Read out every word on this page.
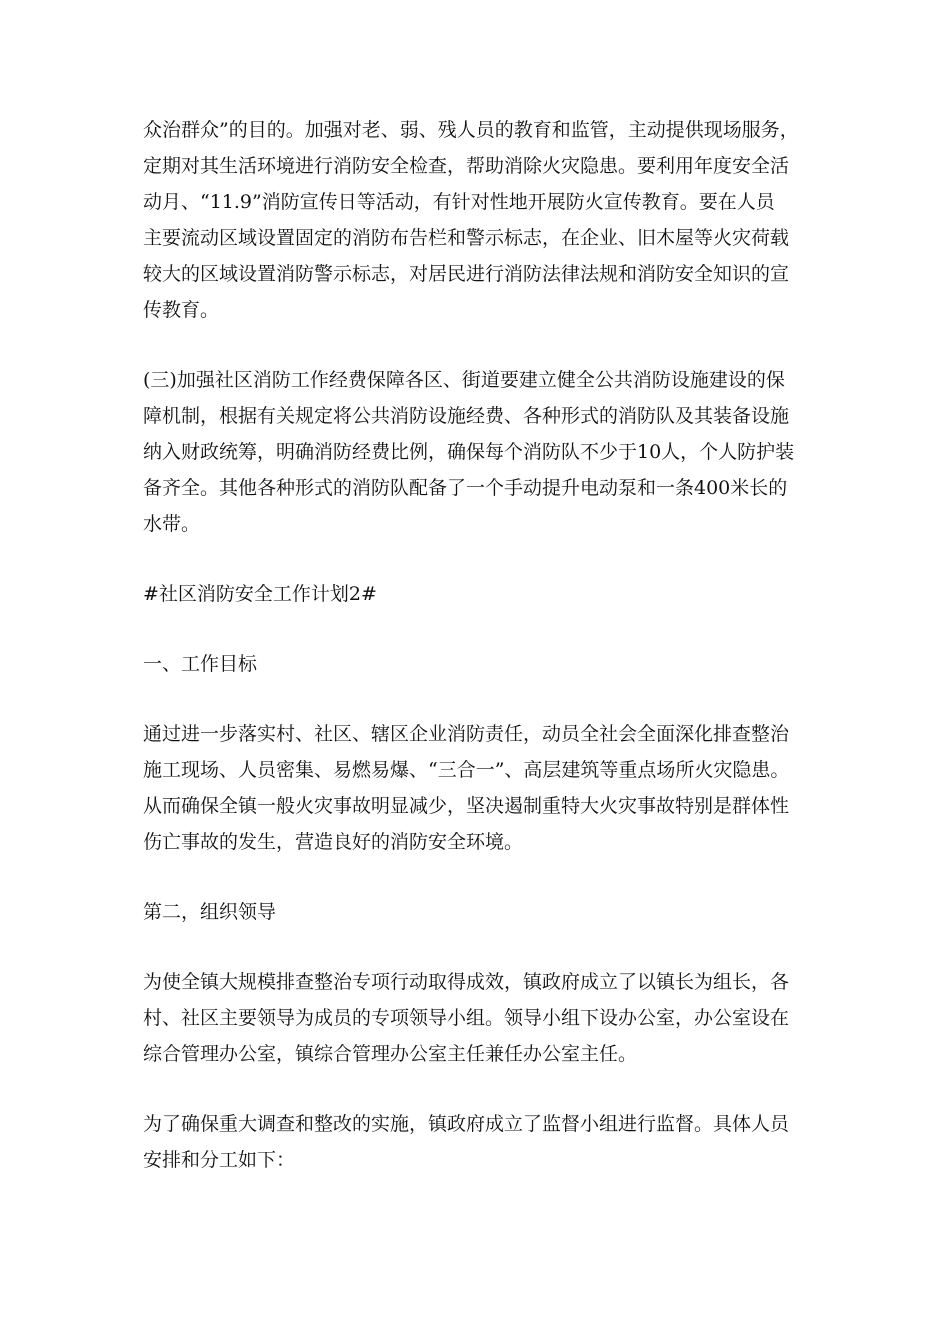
众治群众”的目的。加强对老、弱、残人员的教育和监管，主动提供现场服务，
定期对其生活环境进行消防安全检查，帮助消除火灾隐患。要利用年度安全活
动月、“11.9”消防宣传日等活动，有针对性地开展防火宣传教育。要在人员
主要流动区域设置固定的消防布告栏和警示标志，在企业、旧木屋等火灾荷载
较大的区域设置消防警示标志，对居民进行消防法律法规和消防安全知识的宣
传教育。

(三)加强社区消防工作经费保障各区、街道要建立健全公共消防设施建设的保
障机制，根据有关规定将公共消防设施经费、各种形式的消防队及其装备设施
纳入财政统筹，明确消防经费比例，确保每个消防队不少于10人，个人防护装
备齐全。其他各种形式的消防队配备了一个手动提升电动泵和一条400米长的
水带。

#社区消防安全工作计划2#

一、工作目标

通过进一步落实村、社区、辖区企业消防责任，动员全社会全面深化排查整治
施工现场、人员密集、易燃易爆、“三合一”、高层建筑等重点场所火灾隐患。
从而确保全镇一般火灾事故明显减少，坚决遏制重特大火灾事故特别是群体性
伤亡事故的发生，营造良好的消防安全环境。

第二，组织领导

为使全镇大规模排查整治专项行动取得成效，镇政府成立了以镇长为组长，各
村、社区主要领导为成员的专项领导小组。领导小组下设办公室，办公室设在
综合管理办公室，镇综合管理办公室主任兼任办公室主任。

为了确保重大调查和整改的实施，镇政府成立了监督小组进行监督。具体人员
安排和分工如下：
